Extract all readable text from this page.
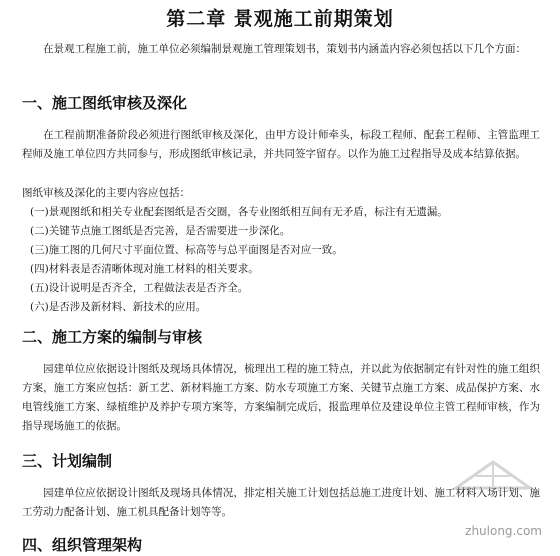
第二章 景观施工前期策划
在景观工程施工前，施工单位必须编制景观施工管理策划书，策划书内涵盖内容必须包括以下几个方面：
一、施工图纸审核及深化
在工程前期准备阶段必须进行图纸审核及深化，由甲方设计师牵头，标段工程师、配套工程师、主管监理工程师及施工单位四方共同参与，形成图纸审核记录，并共同签字留存。以作为施工过程指导及成本结算依据。
图纸审核及深化的主要内容应包括：
(一)景观图纸和相关专业配套图纸是否交圈，各专业图纸相互间有无矛盾，标注有无遗漏。
(二)关键节点施工图纸是否完善，是否需要进一步深化。
(三)施工图的几何尺寸平面位置、标高等与总平面图是否对应一致。
(四)材料表是否清晰体现对施工材料的相关要求。
(五)设计说明是否齐全，工程做法表是否齐全。
(六)是否涉及新材料、新技术的应用。
二、施工方案的编制与审核
园建单位应依据设计图纸及现场具体情况，梳理出工程的施工特点，并以此为依据制定有针对性的施工组织方案，施工方案应包括：新工艺、新材料施工方案、防水专项施工方案、关键节点施工方案、成品保护方案、水电管线施工方案、绿植维护及养护专项方案等，方案编制完成后，报监理单位及建设单位主管工程师审核，作为指导现场施工的依据。
三、计划编制
园建单位应依据设计图纸及现场具体情况，排定相关施工计划包括总施工进度计划、施工材料入场计划、施工劳动力配备计划、施工机具配备计划等等。
四、组织管理架构
zhulong.com
